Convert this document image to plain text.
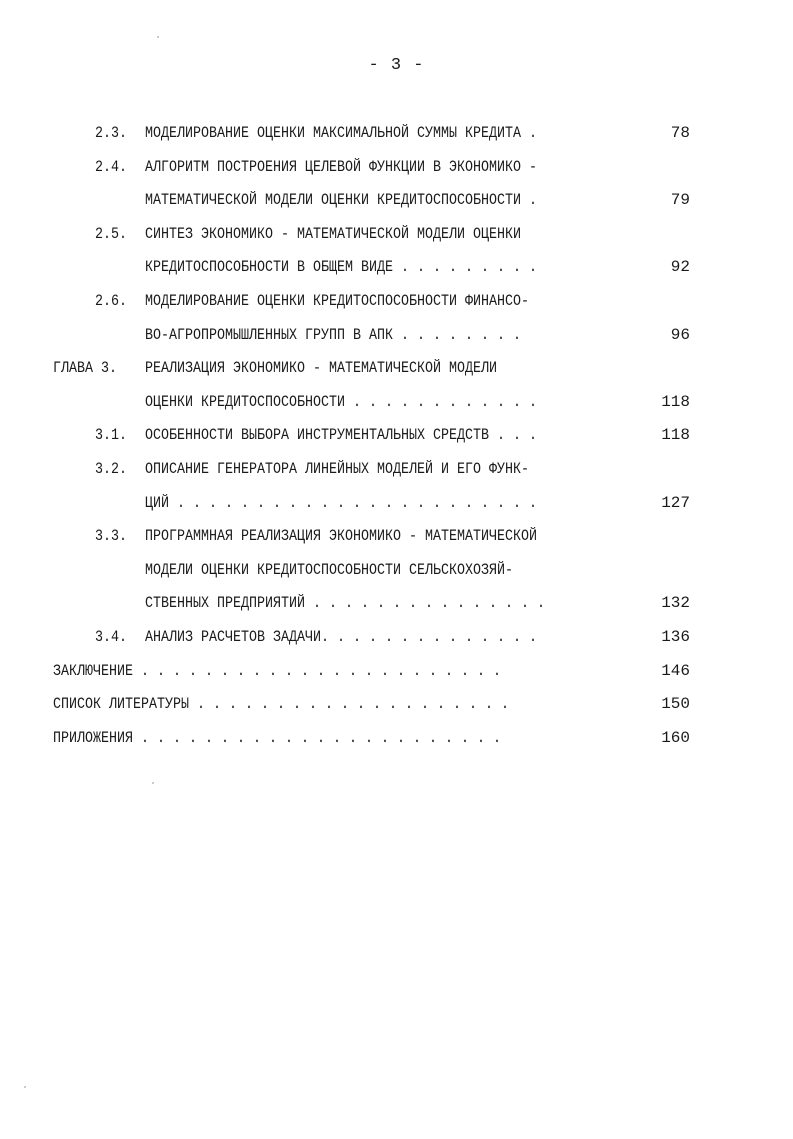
- 3 -
2.3. МОДЕЛИРОВАНИЕ ОЦЕНКИ МАКСИМАЛЬНОЙ СУММЫ КРЕДИТА .	78
2.4. АЛГОРИТМ ПОСТРОЕНИЯ ЦЕЛЕВОЙ ФУНКЦИИ В ЭКОНОМИКО -
МАТЕМАТИЧЕСКОЙ МОДЕЛИ ОЦЕНКИ КРЕДИТОСПОСОБНОСТИ .	79
2.5. СИНТЕЗ ЭКОНОМИКО - МАТЕМАТИЧЕСКОЙ МОДЕЛИ ОЦЕНКИ
КРЕДИТОСПОСОБНОСТИ В ОБЩЕМ ВИДЕ . . . . . . . . .	92
2.6. МОДЕЛИРОВАНИЕ ОЦЕНКИ КРЕДИТОСПОСОБНОСТИ ФИНАНСО-
ВО-АГРОПРОМЫШЛЕННЫХ ГРУПП В АПК . . . . . . . .	96
ГЛАВА 3. РЕАЛИЗАЦИЯ ЭКОНОМИКО - МАТЕМАТИЧЕСКОЙ МОДЕЛИ
ОЦЕНКИ КРЕДИТОСПОСОБНОСТИ . . . . . . . . . . . .	118
3.1. ОСОБЕННОСТИ ВЫБОРА ИНСТРУМЕНТАЛЬНЫХ СРЕДСТВ . . .	118
3.2. ОПИСАНИЕ ГЕНЕРАТОРА ЛИНЕЙНЫХ МОДЕЛЕЙ И ЕГО ФУНК-
ЦИЙ . . . . . . . . . . . . . . . . . . . . . . .	127
3.3. ПРОГРАММНАЯ РЕАЛИЗАЦИЯ ЭКОНОМИКО - МАТЕМАТИЧЕСКОЙ
МОДЕЛИ ОЦЕНКИ КРЕДИТОСПОСОБНОСТИ СЕЛЬСКОХОЗЯЙ-
СТВЕННЫХ ПРЕДПРИЯТИЙ . . . . . . . . . . . . . . .	132
3.4. АНАЛИЗ РАСЧЕТОВ ЗАДАЧИ. . . . . . . . . . . . . .	136
ЗАКЛЮЧЕНИЕ . . . . . . . . . . . . . . . . . . . . . . .	146
СПИСОК ЛИТЕРАТУРЫ . . . . . . . . . . . . . . . . . . . .	150
ПРИЛОЖЕНИЯ . . . . . . . . . . . . . . . . . . . . . . .	160
